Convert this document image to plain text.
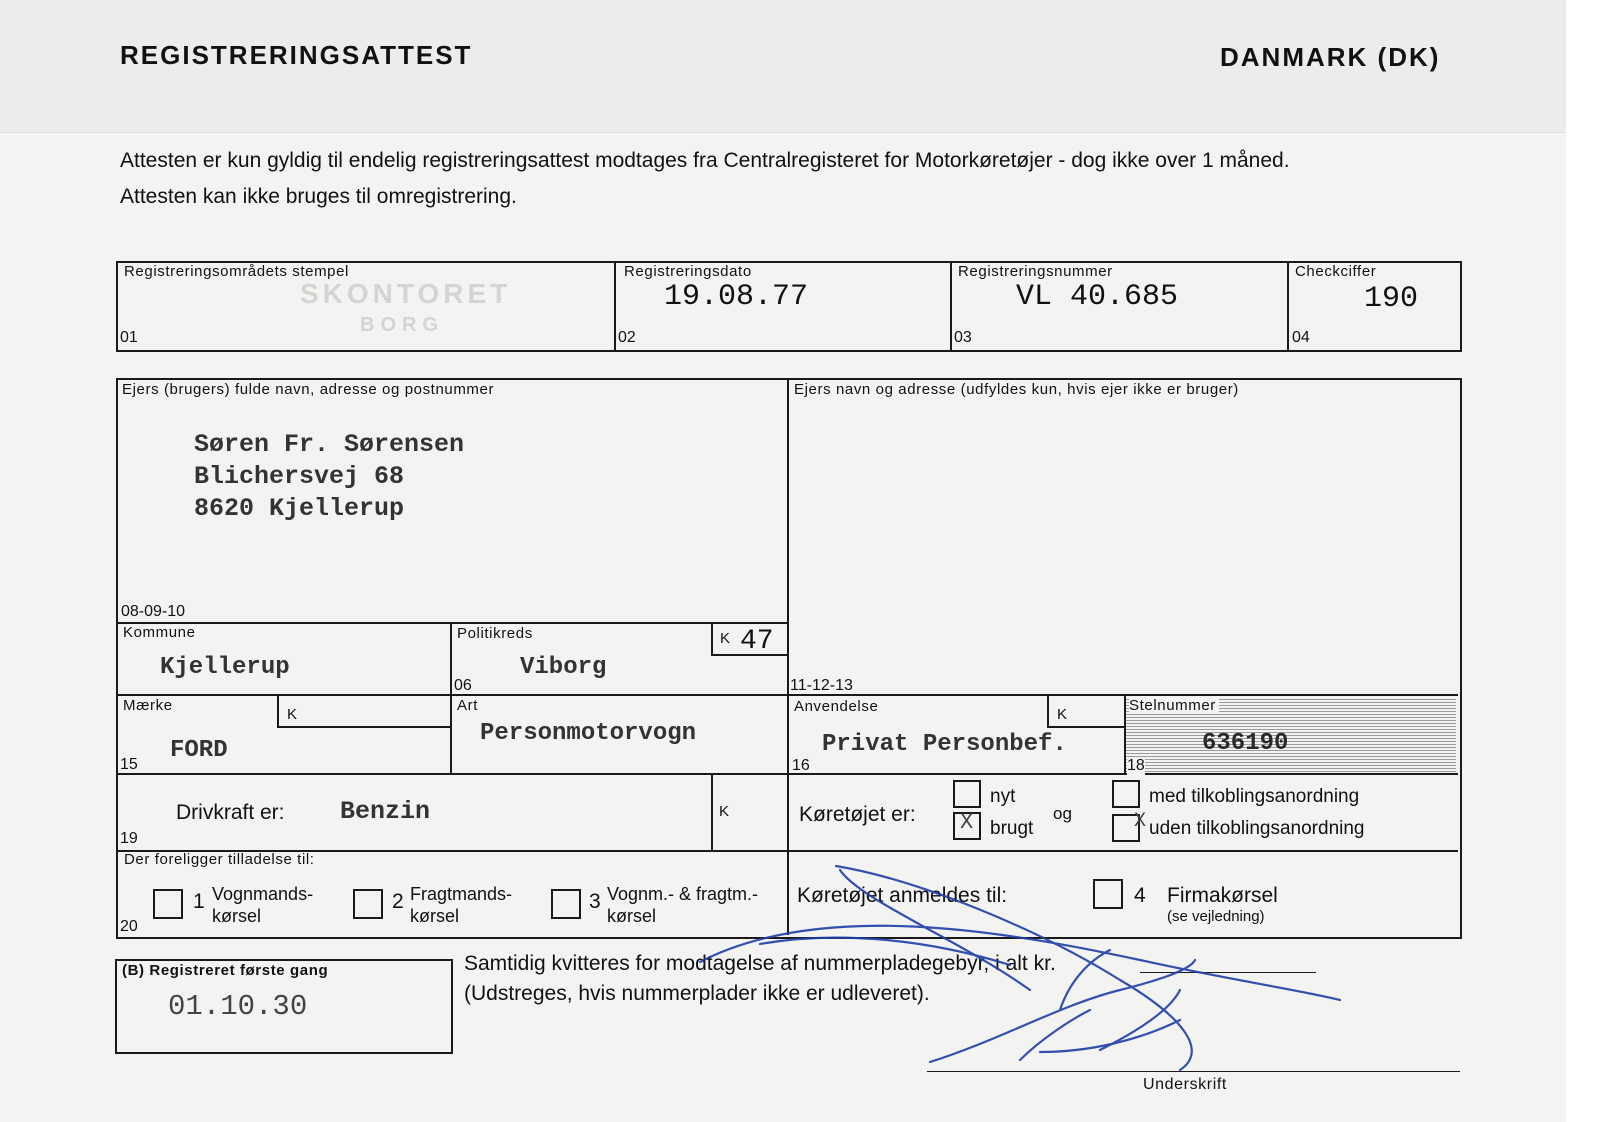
REGISTRERINGSATTEST	DANMARK (DK)
Attesten er kun gyldig til endelig registreringsattest modtages fra Centralregisteret for Motorkøretøjer - dog ikke over 1 måned.
Attesten kan ikke bruges til omregistrering.
Registreringsområdets stempel
01
SKONTORET
BORG
Registreringsdato
02
19.08.77
Registreringsnummer
03
VL 40.685
Checkciffer
04
190
Ejers (brugers) fulde navn, adresse og postnummer
Søren Fr. Sørensen
Blichersvej 68
8620 Kjellerup
08-09-10
Ejers navn og adresse (udfyldes kun, hvis ejer ikke er bruger)
11-12-13
Kommune
Kjellerup
Politikreds
06
Viborg
K 47
Mærke
K
15
FORD
Art
Personmotorvogn
Anvendelse	K
16
Privat Personbef.
Stelnummer
18
636190
Drivkraft er: Benzin
19
K	Køretøjet er:
nyt
X brugt
og
med tilkoblingsanordning
X uden tilkoblingsanordning
Der foreligger tilladelse til:
20
1 Vognmands-
kørsel
2 Fragtmands-
kørsel
3 Vognm.- & fragtm.-
kørsel
Køretøjet anmeldes til:	4 Firmakørsel
(se vejledning)
(B) Registreret første gang
01.10.30
Samtidig kvitteres for modtagelse af nummerpladegebyr, i alt kr.
(Udstreges, hvis nummerplader ikke er udleveret).
Underskrift
